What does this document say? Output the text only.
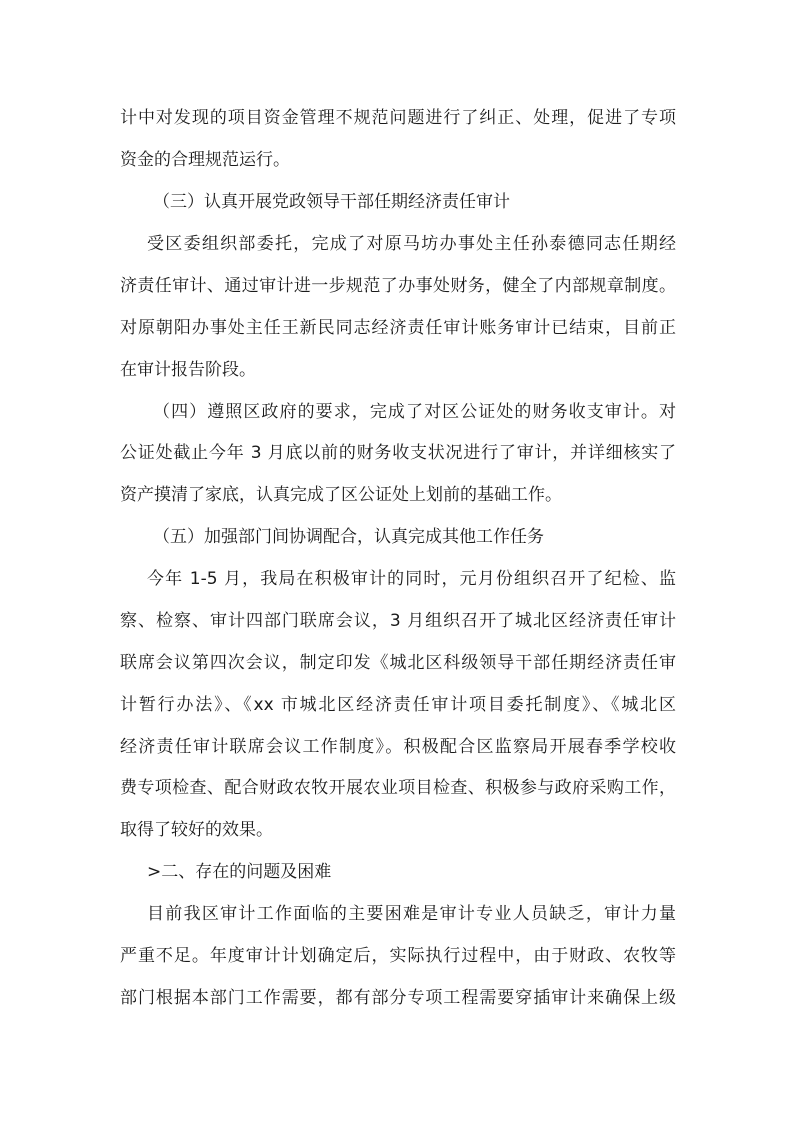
计中对发现的项目资金管理不规范问题进行了纠正、处理，促进了专项
资金的合理规范运行。
（三）认真开展党政领导干部任期经济责任审计
受区委组织部委托，完成了对原马坊办事处主任孙泰德同志任期经
济责任审计、通过审计进一步规范了办事处财务，健全了内部规章制度。
对原朝阳办事处主任王新民同志经济责任审计账务审计已结束，目前正
在审计报告阶段。
（四）遵照区政府的要求，完成了对区公证处的财务收支审计。对
公证处截止今年 3 月底以前的财务收支状况进行了审计，并详细核实了
资产摸清了家底，认真完成了区公证处上划前的基础工作。
（五）加强部门间协调配合，认真完成其他工作任务
今年 1-5 月，我局在积极审计的同时，元月份组织召开了纪检、监
察、检察、审计四部门联席会议，3 月组织召开了城北区经济责任审计
联席会议第四次会议，制定印发《城北区科级领导干部任期经济责任审
计暂行办法》、《xx 市城北区经济责任审计项目委托制度》、《城北区
经济责任审计联席会议工作制度》。积极配合区监察局开展春季学校收
费专项检查、配合财政农牧开展农业项目检查、积极参与政府采购工作，
取得了较好的效果。
>二、存在的问题及困难
目前我区审计工作面临的主要困难是审计专业人员缺乏，审计力量
严重不足。年度审计计划确定后，实际执行过程中，由于财政、农牧等
部门根据本部门工作需要，都有部分专项工程需要穿插审计来确保上级
